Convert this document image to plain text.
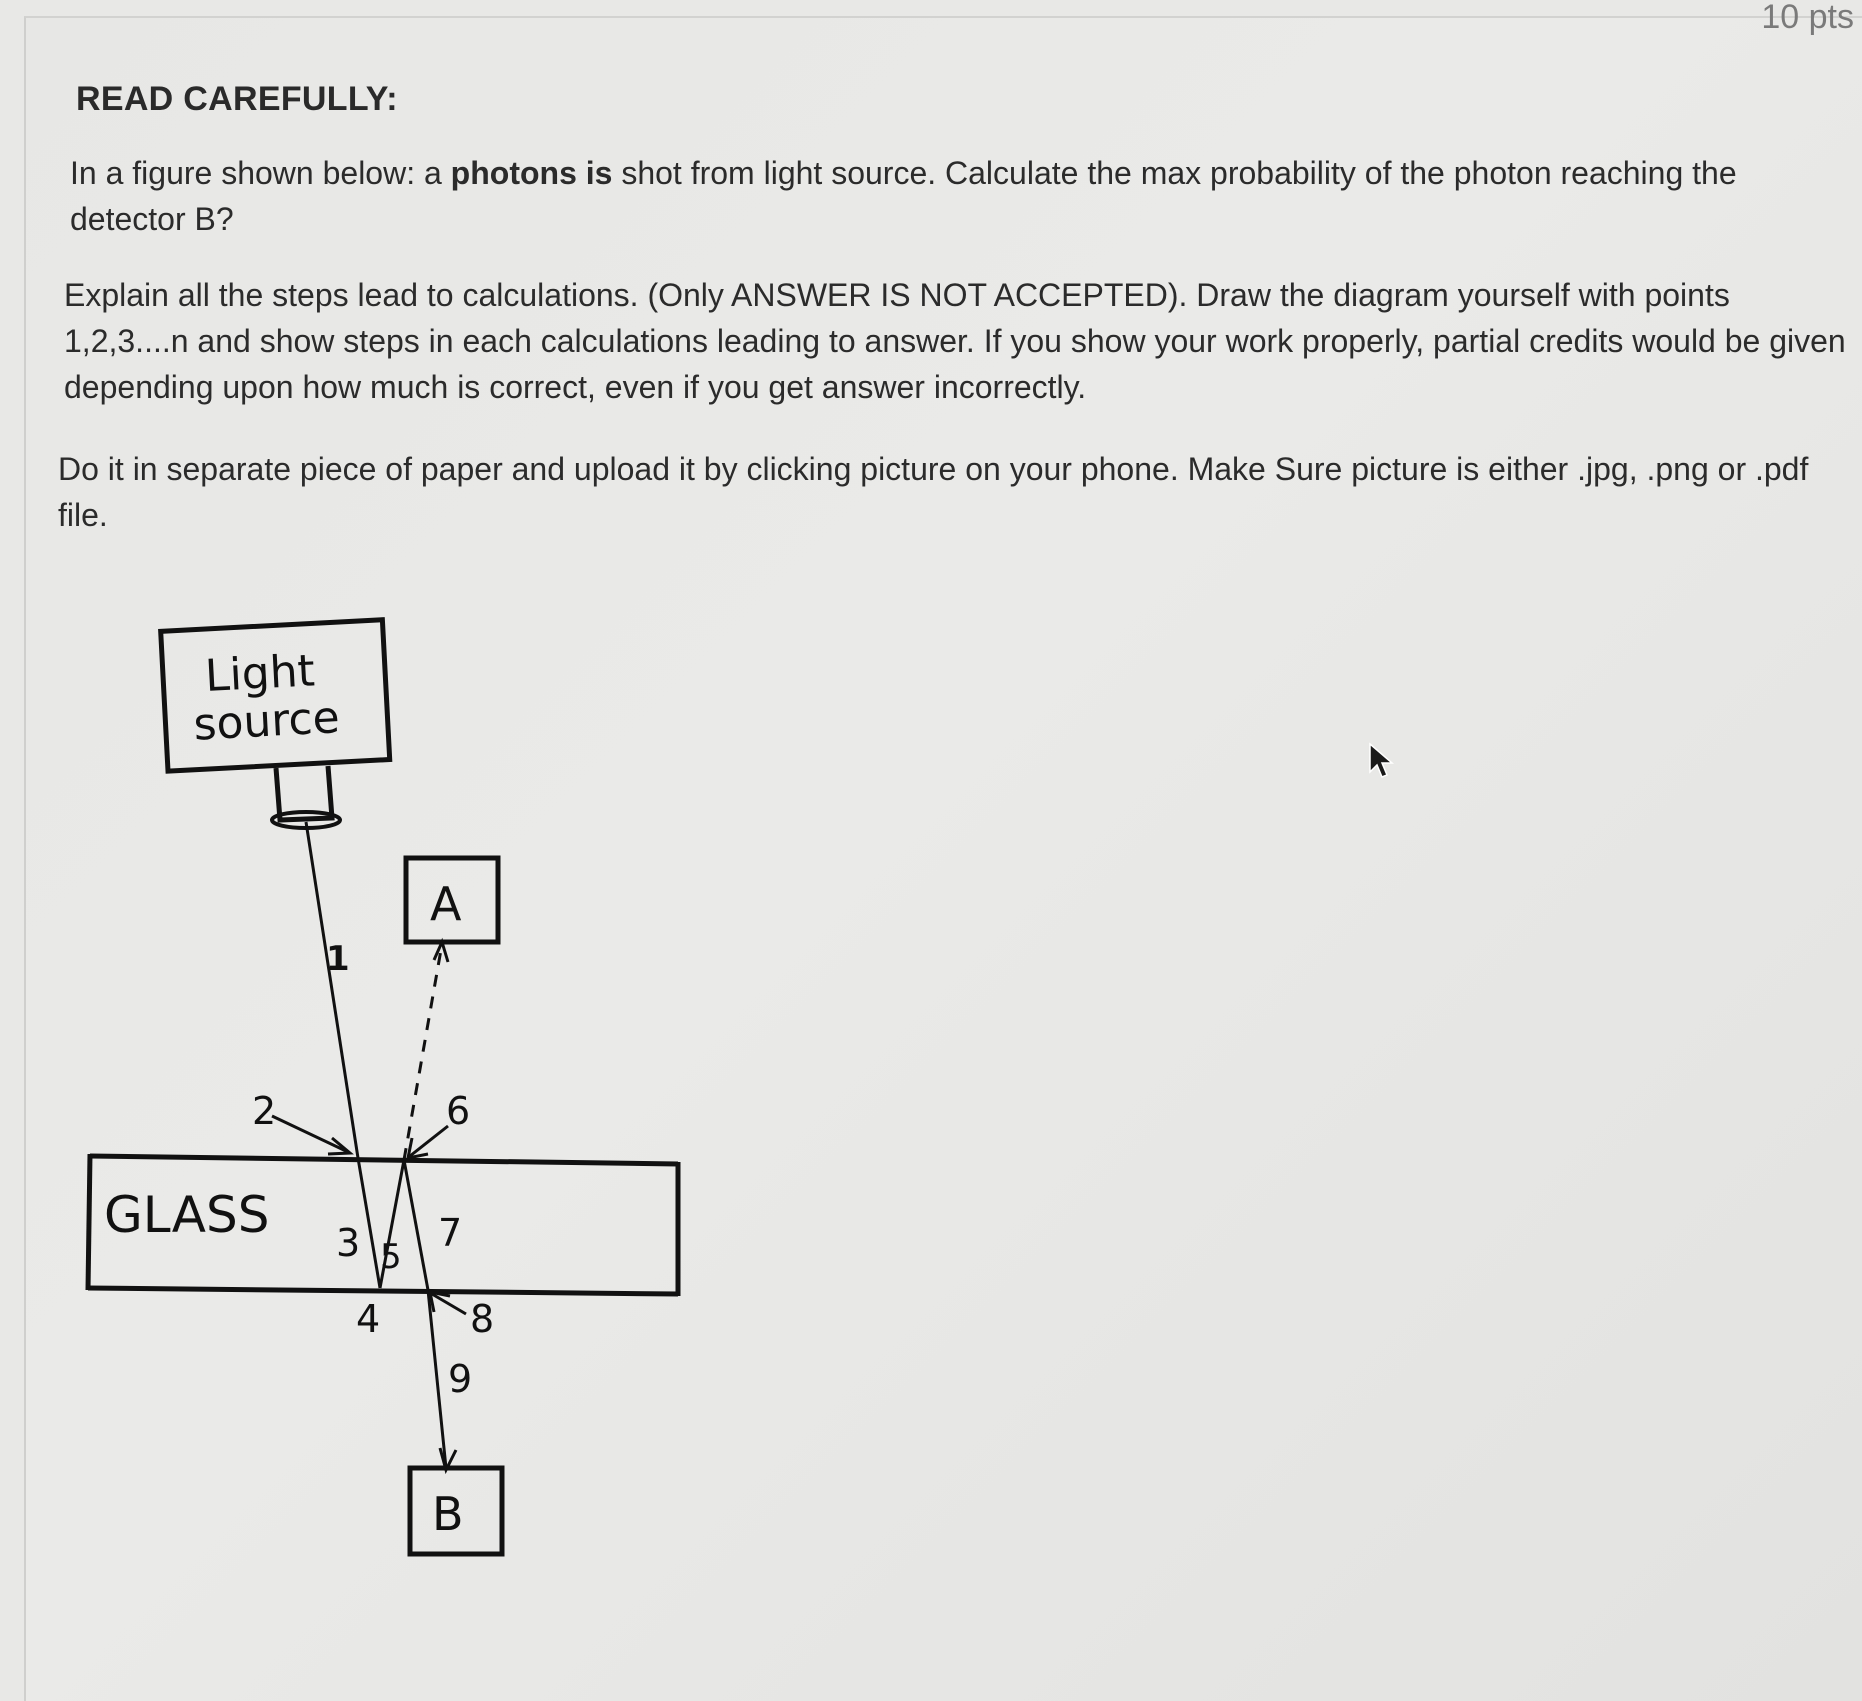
10 pts
READ CAREFULLY:
In a figure shown below: a photons is shot from light source. Calculate the max probability of the photon reaching the detector B?
Explain all the steps lead to calculations. (Only ANSWER IS NOT ACCEPTED). Draw the diagram yourself with points 1,2,3....n and show steps in each calculations leading to answer. If you show your work properly, partial credits would be given depending upon how much is correct, even if you get answer incorrectly.
Do it in separate piece of paper and upload it by clicking picture on your phone. Make Sure picture is either .jpg, .png or .pdf file.
Light
source
A
B
GLASS
1
2
3
4
5
6
7
8
9
